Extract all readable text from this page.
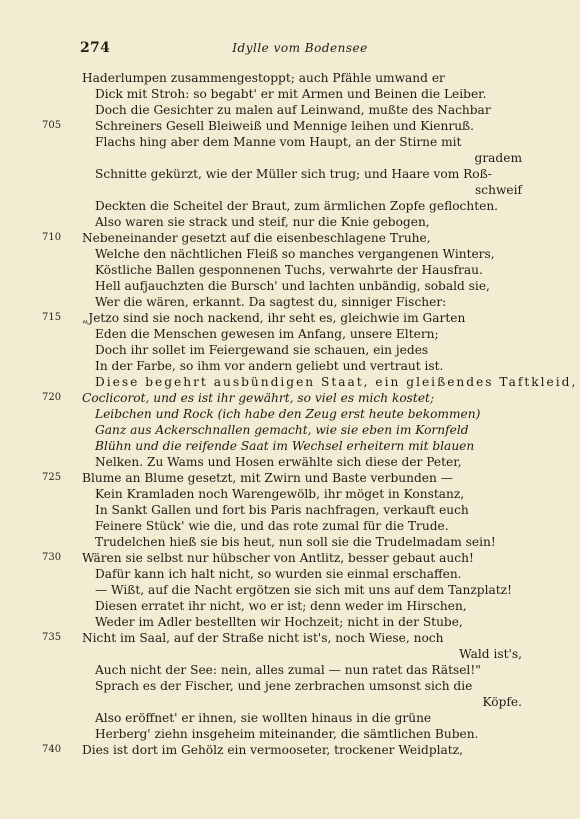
274	Idylle vom Bodensee
Haderlumpen zusammengestoppt; auch Pfähle umwand er
Dick mit Stroh: so begabt' er mit Armen und Beinen die Leiber.
Doch die Gesichter zu malen auf Leinwand, mußte des Nachbar
705	Schreiners Gesell Bleiweiß und Mennige leihen und Kienruß.
Flachs hing aber dem Manne vom Haupt, an der Stirne mit
gradem
Schnitte gekürzt, wie der Müller sich trug; und Haare vom Roß-
schweif
Deckten die Scheitel der Braut, zum ärmlichen Zopfe geflochten.
Also waren sie strack und steif, nur die Knie gebogen,
710 Nebeneinander gesetzt auf die eisenbeschlagene Truhe,
Welche den nächtlichen Fleiß so manches vergangenen Winters,
Köstliche Ballen gesponnenen Tuchs, verwahrte der Hausfrau.
Hell aufjauchzten die Bursch' und lachten unbändig, sobald sie,
Wer die wären, erkannt. Da sagtest du, sinniger Fischer:
715 „Jetzo sind sie noch nackend, ihr seht es, gleichwie im Garten
Eden die Menschen gewesen im Anfang, unsere Eltern;
Doch ihr sollet im Feiergewand sie schauen, ein jedes
In der Farbe, so ihm vor andern geliebt und vertraut ist.
Diese begehrt ausbündigen Staat, ein gleißendes Taftkleid,
720 Coclicorot, und es ist ihr gewährt, so viel es mich kostet;
Leibchen und Rock (ich habe den Zeug erst heute bekommen)
Ganz aus Ackerschnallen gemacht, wie sie eben im Kornfeld
Blühn und die reifende Saat im Wechsel erheitern mit blauen
Nelken. Zu Wams und Hosen erwählte sich diese der Peter,
725 Blume an Blume gesetzt, mit Zwirn und Baste verbunden —
Kein Kramladen noch Warengewölb, ihr möget in Konstanz,
In Sankt Gallen und fort bis Paris nachfragen, verkauft euch
Feinere Stück' wie die, und das rote zumal für die Trude.
Trudelchen hieß sie bis heut, nun soll sie die Trudelmadam sein!
730 Wären sie selbst nur hübscher von Antlitz, besser gebaut auch!
Dafür kann ich halt nicht, so wurden sie einmal erschaffen.
— Wißt, auf die Nacht ergötzen sie sich mit uns auf dem Tanzplatz!
Diesen erratet ihr nicht, wo er ist; denn weder im Hirschen,
Weder im Adler bestellten wir Hochzeit; nicht in der Stube,
735 Nicht im Saal, auf der Straße nicht ist's, noch Wiese, noch
Wald ist's,
Auch nicht der See: nein, alles zumal — nun ratet das Rätsel!"
Sprach es der Fischer, und jene zerbrachen umsonst sich die
Köpfe.
Also eröffnet' er ihnen, sie wollten hinaus in die grüne
Herberg' ziehn insgeheim miteinander, die sämtlichen Buben.
740 Dies ist dort im Gehölz ein vermooseter, trockener Weidplatz,
